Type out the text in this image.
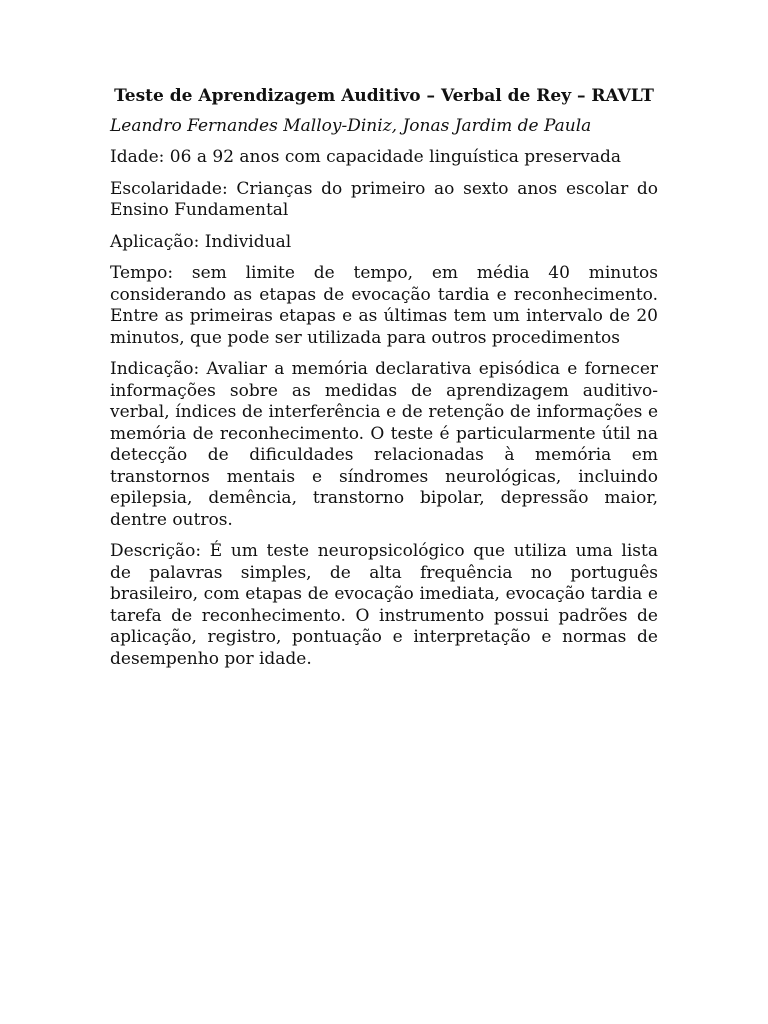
Teste de Aprendizagem Auditivo – Verbal de Rey – RAVLT

Leandro Fernandes Malloy-Diniz, Jonas Jardim de Paula

Idade: 06 a 92 anos com capacidade linguística preservada

Escolaridade: Crianças do primeiro ao sexto anos escolar do Ensino Fundamental

Aplicação: Individual

Tempo: sem limite de tempo, em média 40 minutos considerando as etapas de evocação tardia e reconhecimento. Entre as primeiras etapas e as últimas tem um intervalo de 20 minutos, que pode ser utilizada para outros procedimentos

Indicação: Avaliar a memória declarativa episódica e fornecer informações sobre as medidas de aprendizagem auditivo-verbal, índices de interferência e de retenção de informações e memória de reconhecimento. O teste é particularmente útil na detecção de dificuldades relacionadas à memória em transtornos mentais e síndromes neurológicas, incluindo epilepsia, demência, transtorno bipolar, depressão maior, dentre outros.

Descrição: É um teste neuropsicológico que utiliza uma lista de palavras simples, de alta frequência no português brasileiro, com etapas de evocação imediata, evocação tardia e tarefa de reconhecimento. O instrumento possui padrões de aplicação, registro, pontuação e interpretação e normas de desempenho por idade.
